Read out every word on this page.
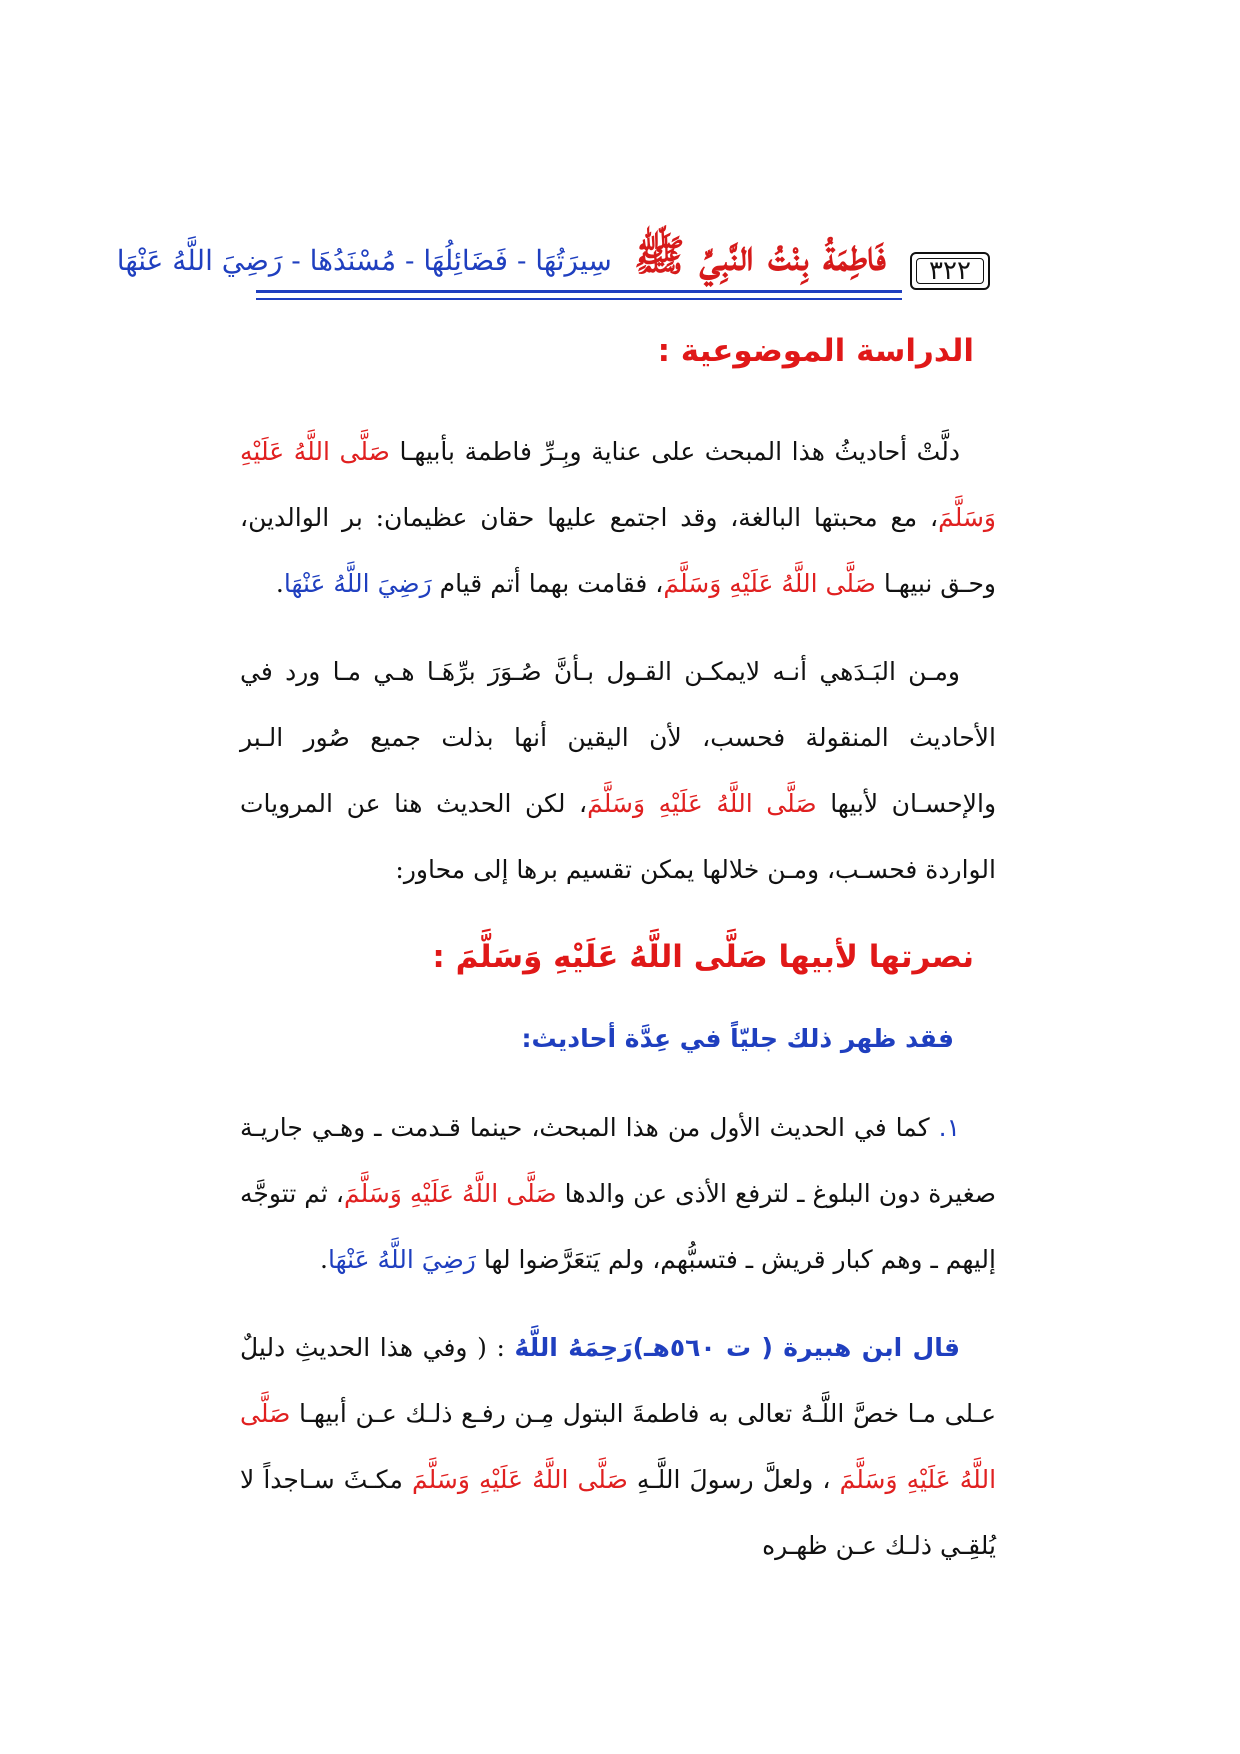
٣٢٢
فَاطِمَةُ بِنْتُ النَّبِيِّ ﷺ سِيرَتُهَا - فَضَائِلُهَا - مُسْنَدُهَا - رَضِيَ اللَّهُ عَنْهَا
الدراسة الموضوعية :

دلَّتْ أحاديثُ هذا المبحث على عناية وبِـرِّ فاطمة بأبيهـا صَلَّى اللَّهُ عَلَيْهِ وَسَلَّمَ، مع محبتها البالغة، وقد اجتمع عليها حقان عظيمان: بر الوالدين، وحـق نبيهـا صَلَّى اللَّهُ عَلَيْهِ وَسَلَّمَ، فقامت بهما أتم قيام رَضِيَ اللَّهُ عَنْهَا.

ومـن البَـدَهي أنـه لايمكـن القـول بـأنَّ صُـوَرَ برِّهَـا هـي مـا ورد في الأحاديث المنقولة فحسب، لأن اليقين أنها بذلت جميع صُور الـبر والإحسـان لأبيها صَلَّى اللَّهُ عَلَيْهِ وَسَلَّمَ، لكن الحديث هنا عن المرويات الواردة فحسـب، ومـن خلالها يمكن تقسيم برها إلى محاور:

نصرتها لأبيها صَلَّى اللَّهُ عَلَيْهِ وَسَلَّمَ :
فقد ظهر ذلك جليّاً في عِدَّة أحاديث:

١. كما في الحديث الأول من هذا المبحث، حينما قـدمت ـ وهـي جاريـة صغيرة دون البلوغ ـ لترفع الأذى عن والدها صَلَّى اللَّهُ عَلَيْهِ وَسَلَّمَ، ثم تتوجَّه إليهم ـ وهم كبار قريش ـ فتسبُّهم، ولم يَتعَرَّضوا لها رَضِيَ اللَّهُ عَنْهَا.

قال ابن هبيرة ( ت ٥٦٠هـ)رَحِمَهُ اللَّهُ : ( وفي هذا الحديثِ دليلٌ عـلى مـا خصَّ اللَّـهُ تعالى به فاطمةَ البتول مِـن رفـع ذلـك عـن أبيهـا صَلَّى اللَّهُ عَلَيْهِ وَسَلَّمَ ، ولعلَّ رسولَ اللَّـهِ صَلَّى اللَّهُ عَلَيْهِ وَسَلَّمَ مكـثَ سـاجداً لا يُلقِـي ذلـك عـن ظهـره
